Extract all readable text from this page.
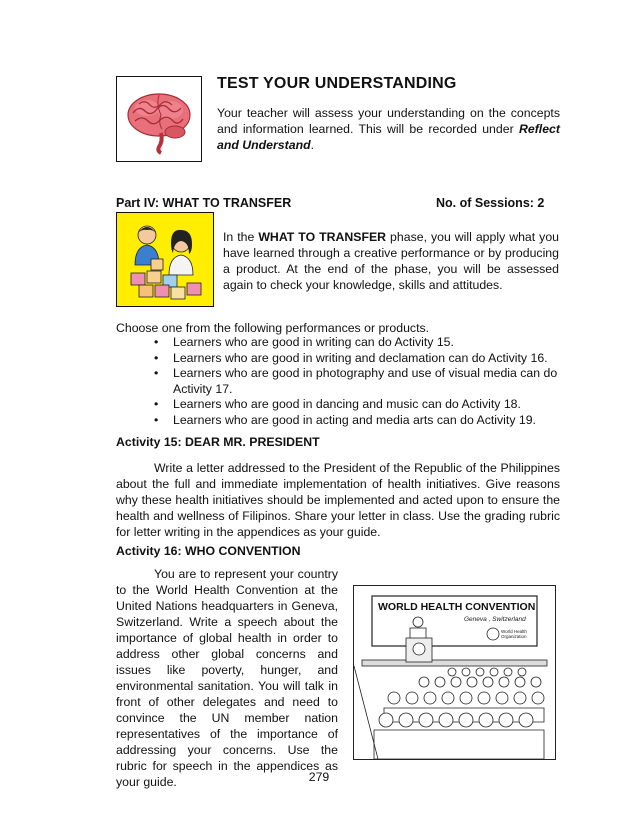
TEST YOUR UNDERSTANDING
Your teacher will assess your understanding on the concepts and information learned. This will be recorded under Reflect and Understand.
Part IV: WHAT TO TRANSFER	No. of Sessions: 2
In the WHAT TO TRANSFER phase, you will apply what you have learned through a creative performance or by producing a product. At the end of the phase, you will be assessed again to check your knowledge, skills and attitudes.
Choose one from the following performances or products.
• Learners who are good in writing can do Activity 15.
• Learners who are good in writing and declamation can do Activity 16.
• Learners who are good in photography and use of visual media can do Activity 17.
• Learners who are good in dancing and music can do Activity 18.
• Learners who are good in acting and media arts can do Activity 19.
Activity 15: DEAR MR. PRESIDENT
Write a letter addressed to the President of the Republic of the Philippines about the full and immediate implementation of health initiatives. Give reasons why these health initiatives should be implemented and acted upon to ensure the health and wellness of Filipinos. Share your letter in class. Use the grading rubric for letter writing in the appendices as your guide.
Activity 16: WHO CONVENTION
You are to represent your country to the World Health Convention at the United Nations headquarters in Geneva, Switzerland. Write a speech about the importance of global health in order to address other global concerns and issues like poverty, hunger, and environmental sanitation. You will talk in front of other delegates and need to convince the UN member nation representatives of the importance of addressing your concerns. Use the rubric for speech in the appendices as your guide.
WORLD HEALTH CONVENTION
Geneva , Switzerland
World Health
Organization
279
